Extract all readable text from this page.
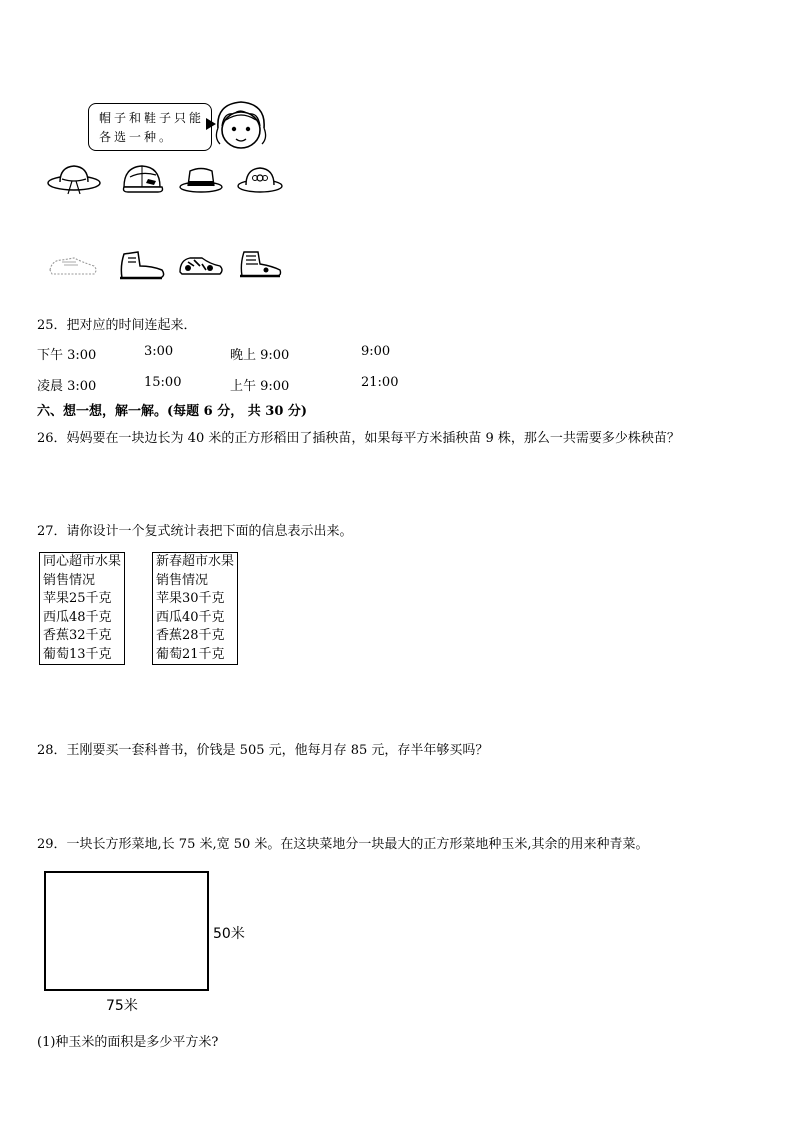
帽子和鞋子只能
各选一种。
25．把对应的时间连起来．
下午 3:00	3:00	晚上 9:00	9:00
凌晨 3:00	15:00	上午 9:00	21:00
六、想一想，解一解。(每题 6 分， 共 30 分)
26．妈妈要在一块边长为 40 米的正方形稻田了插秧苗，如果每平方米插秧苗 9 株，那么一共需要多少株秧苗？
27．请你设计一个复式统计表把下面的信息表示出来。
同心超市水果
销售情况
苹果25千克
西瓜48千克
香蕉32千克
葡萄13千克
新春超市水果
销售情况
苹果30千克
西瓜40千克
香蕉28千克
葡萄21千克
28．王刚要买一套科普书，价钱是 505 元，他每月存 85 元，存半年够买吗？
29．一块长方形菜地,长 75 米,宽 50 米。在这块菜地分一块最大的正方形菜地种玉米,其余的用来种青菜。
50米
75米
(1)种玉米的面积是多少平方米?
